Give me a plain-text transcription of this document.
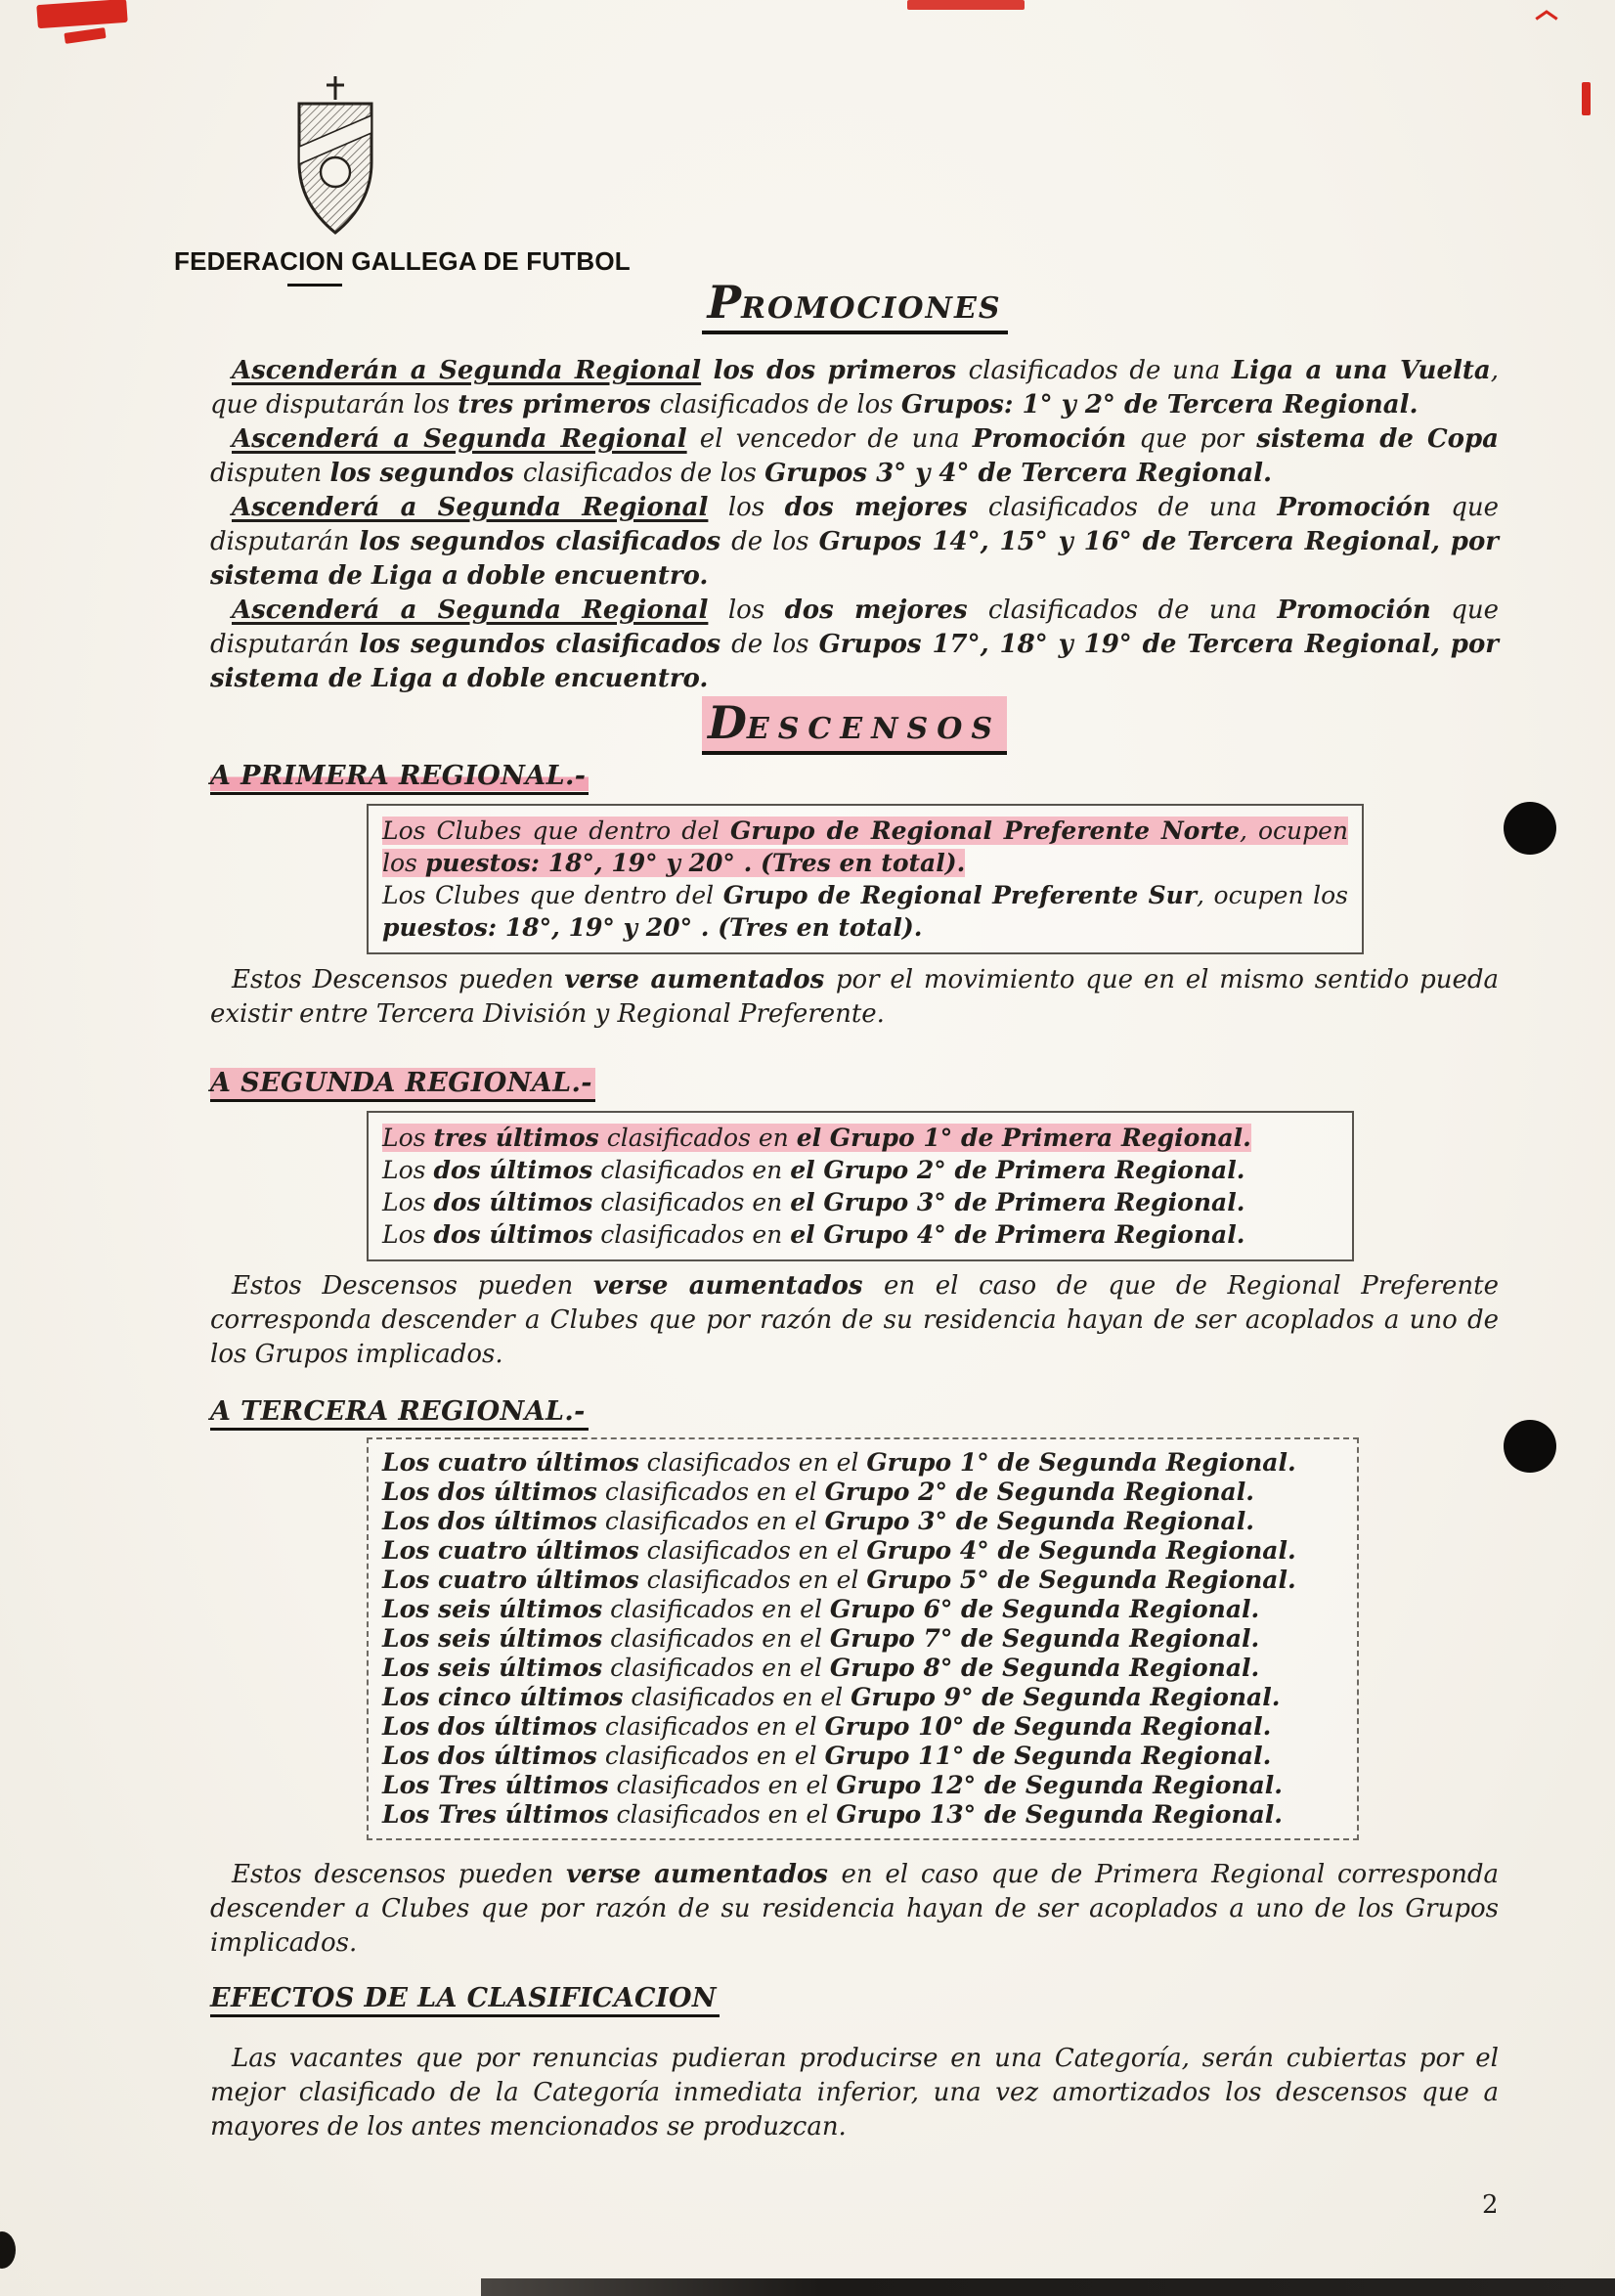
FEDERACION GALLEGA DE FUTBOL
PROMOCIONES

Ascenderán a Segunda Regional los dos primeros clasificados de una Liga a una Vuelta, que disputarán los tres primeros clasificados de los Grupos: 1° y 2° de Tercera Regional.

Ascenderá a Segunda Regional el vencedor de una Promoción que por sistema de Copa disputen los segundos clasificados de los Grupos 3° y 4° de Tercera Regional.

Ascenderá a Segunda Regional los dos mejores clasificados de una Promoción que disputarán los segundos clasificados de los Grupos 14°, 15° y 16° de Tercera Regional, por sistema de Liga a doble encuentro.

Ascenderá a Segunda Regional los dos mejores clasificados de una Promoción que disputarán los segundos clasificados de los Grupos 17°, 18° y 19° de Tercera Regional, por sistema de Liga a doble encuentro.

DESCENSOS
A PRIMERA REGIONAL.-
Los Clubes que dentro del Grupo de Regional Preferente Norte, ocupen los puestos: 18°, 19° y 20° . (Tres en total).
Los Clubes que dentro del Grupo de Regional Preferente Sur, ocupen los puestos: 18°, 19° y 20° . (Tres en total).

Estos Descensos pueden verse aumentados por el movimiento que en el mismo sentido pueda existir entre Tercera División y Regional Preferente.

A SEGUNDA REGIONAL.-
Los tres últimos clasificados en el Grupo 1° de Primera Regional.
Los dos últimos clasificados en el Grupo 2° de Primera Regional.
Los dos últimos clasificados en el Grupo 3° de Primera Regional.
Los dos últimos clasificados en el Grupo 4° de Primera Regional.

Estos Descensos pueden verse aumentados en el caso de que de Regional Preferente corresponda descender a Clubes que por razón de su residencia hayan de ser acoplados a uno de los Grupos implicados.

A TERCERA REGIONAL.-
Los cuatro últimos clasificados en el Grupo 1° de Segunda Regional.
Los dos últimos clasificados en el Grupo 2° de Segunda Regional.
Los dos últimos clasificados en el Grupo 3° de Segunda Regional.
Los cuatro últimos clasificados en el Grupo 4° de Segunda Regional.
Los cuatro últimos clasificados en el Grupo 5° de Segunda Regional.
Los seis últimos clasificados en el Grupo 6° de Segunda Regional.
Los seis últimos clasificados en el Grupo 7° de Segunda Regional.
Los seis últimos clasificados en el Grupo 8° de Segunda Regional.
Los cinco últimos clasificados en el Grupo 9° de Segunda Regional.
Los dos últimos clasificados en el Grupo 10° de Segunda Regional.
Los dos últimos clasificados en el Grupo 11° de Segunda Regional.
Los Tres últimos clasificados en el Grupo 12° de Segunda Regional.
Los Tres últimos clasificados en el Grupo 13° de Segunda Regional.

Estos descensos pueden verse aumentados en el caso que de Primera Regional corresponda descender a Clubes que por razón de su residencia hayan de ser acoplados a uno de los Grupos implicados.

EFECTOS DE LA CLASIFICACION

Las vacantes que por renuncias pudieran producirse en una Categoría, serán cubiertas por el mejor clasificado de la Categoría inmediata inferior, una vez amortizados los descensos que a mayores de los antes mencionados se produzcan.

2
